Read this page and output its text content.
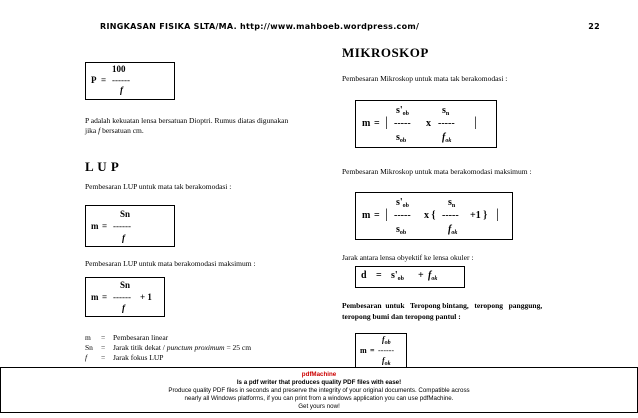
RINGKASAN FISIKA SLTA/MA. http://www.mahboeb.wordpress.com/	22
100
P = ------
f
P adalah kekuatan lensa bersatuan Dioptri. Rumus diatas digunakan
jika f bersatuan cm.
L U P
Pembesaran LUP untuk mata tak berakomodasi :
Sn
m = ------
f
Pembesaran LUP untuk mata berakomodasi maksimum :
Sn
m = ------ + 1
f
m = Pembesaran linear
Sn = Jarak titik dekat / punctum proximum = 25 cm
f = Jarak fokus LUP
MIKROSKOP
Pembesaran Mikroskop untuk mata tak berakomodasi :
$s'_{ob}$	$s_n$
m = | ----- x ----- |
$s_{ob}$	$f_{ok}$
Pembesaran Mikroskop untuk mata berakomodasi maksimum :
$s'_{ob}$	$s_n$
m = | ----- x { ----- +1 } |
$s_{ob}$	$f_{ok}$
Jarak antara lensa obyektif ke lensa okuler :
$d = s'_{ob} + f_{ok}$
Pembesaran  untuk   Teropong bintang,   teropong   panggung,
teropong bumi dan teropong pantul :
$f_{ob}$
m = ------
$f_{ok}$
pdfMachine
Is a pdf writer that produces quality PDF files with ease!
Produce quality PDF files in seconds and preserve the integrity of your original documents. Compatible across
nearly all Windows platforms, if you can print from a windows application you can use pdfMachine.
Get yours now!
